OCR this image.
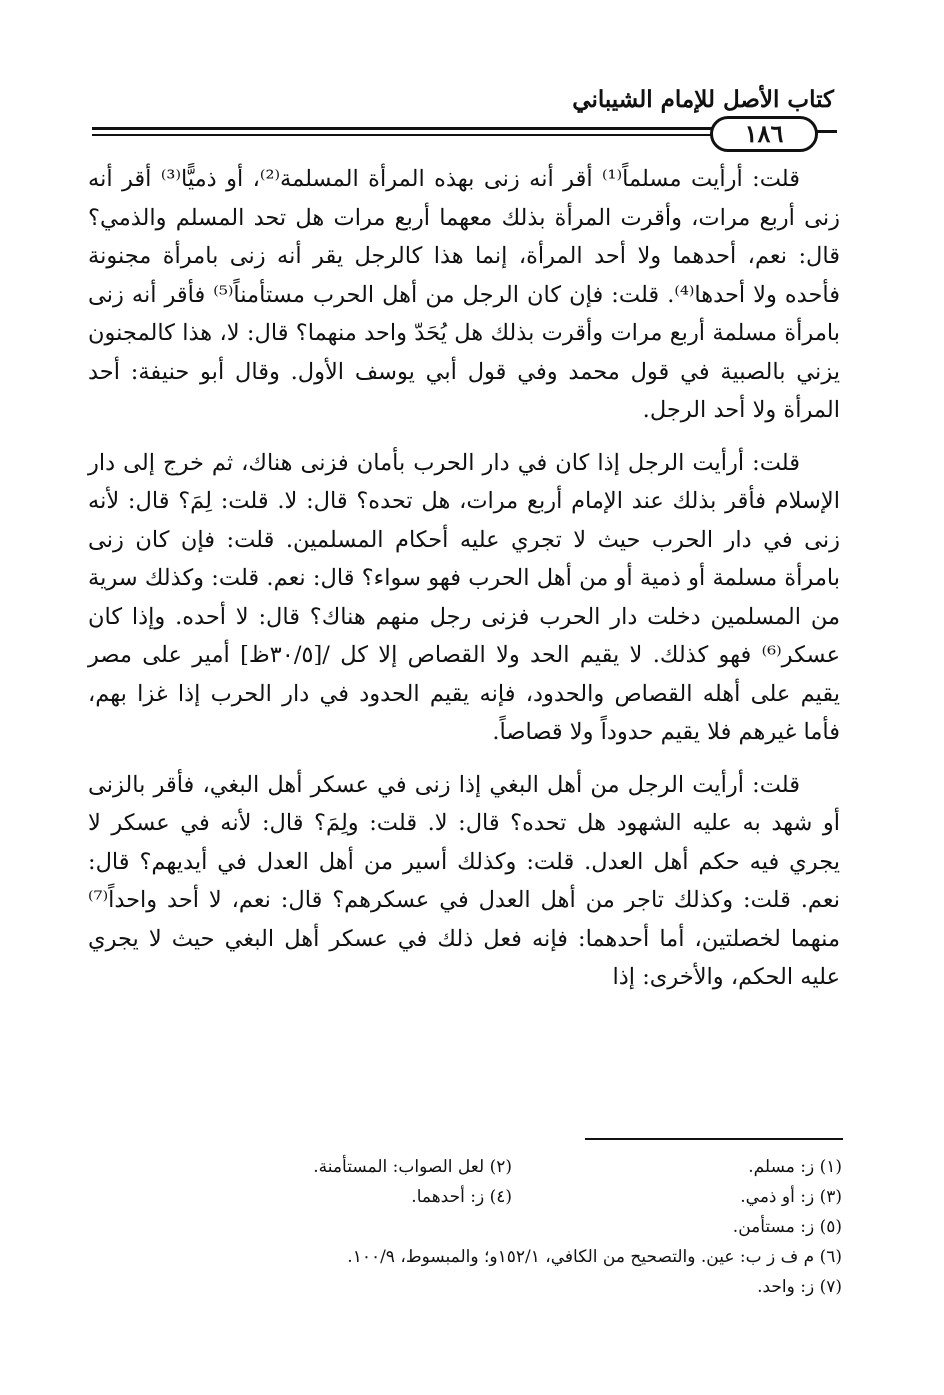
كتاب الأصل للإمام الشيباني
١٨٦

قلت: أرأيت مسلماً⁽¹⁾ أقر أنه زنى بهذه المرأة المسلمة⁽²⁾، أو ذميًّا⁽³⁾ أقر أنه زنى أربع مرات، وأقرت المرأة بذلك معهما أربع مرات هل تحد المسلم والذمي؟ قال: نعم، أحدهما ولا أحد المرأة، إنما هذا كالرجل يقر أنه زنى بامرأة مجنونة فأحده ولا أحدها⁽⁴⁾. قلت: فإن كان الرجل من أهل الحرب مستأمناً⁽⁵⁾ فأقر أنه زنى بامرأة مسلمة أربع مرات وأقرت بذلك هل يُحَدّ واحد منهما؟ قال: لا، هذا كالمجنون يزني بالصبية في قول محمد وفي قول أبي يوسف الأول. وقال أبو حنيفة: أحد المرأة ولا أحد الرجل.

قلت: أرأيت الرجل إذا كان في دار الحرب بأمان فزنى هناك، ثم خرج إلى دار الإسلام فأقر بذلك عند الإمام أربع مرات، هل تحده؟ قال: لا. قلت: لِمَ؟ قال: لأنه زنى في دار الحرب حيث لا تجري عليه أحكام المسلمين. قلت: فإن كان زنى بامرأة مسلمة أو ذمية أو من أهل الحرب فهو سواء؟ قال: نعم. قلت: وكذلك سرية من المسلمين دخلت دار الحرب فزنى رجل منهم هناك؟ قال: لا أحده. وإذا كان عسكر⁽⁶⁾ فهو كذلك. لا يقيم الحد ولا القصاص إلا كل /[٣٠/٥ظ] أمير على مصر يقيم على أهله القصاص والحدود، فإنه يقيم الحدود في دار الحرب إذا غزا بهم، فأما غيرهم فلا يقيم حدوداً ولا قصاصاً.

قلت: أرأيت الرجل من أهل البغي إذا زنى في عسكر أهل البغي، فأقر بالزنى أو شهد به عليه الشهود هل تحده؟ قال: لا. قلت: ولِمَ؟ قال: لأنه في عسكر لا يجري فيه حكم أهل العدل. قلت: وكذلك أسير من أهل العدل في أيديهم؟ قال: نعم. قلت: وكذلك تاجر من أهل العدل في عسكرهم؟ قال: نعم، لا أحد واحداً⁽⁷⁾ منهما لخصلتين، أما أحدهما: فإنه فعل ذلك في عسكر أهل البغي حيث لا يجري عليه الحكم، والأخرى: إذا

(١) ز: مسلم.
(٢) لعل الصواب: المستأمنة.
(٣) ز: أو ذمي.
(٤) ز: أحدهما.
(٥) ز: مستأمن.
(٦) م ف ز ب: عين. والتصحيح من الكافي، ١٥٢/١و؛ والمبسوط، ١٠٠/٩.
(٧) ز: واحد.
